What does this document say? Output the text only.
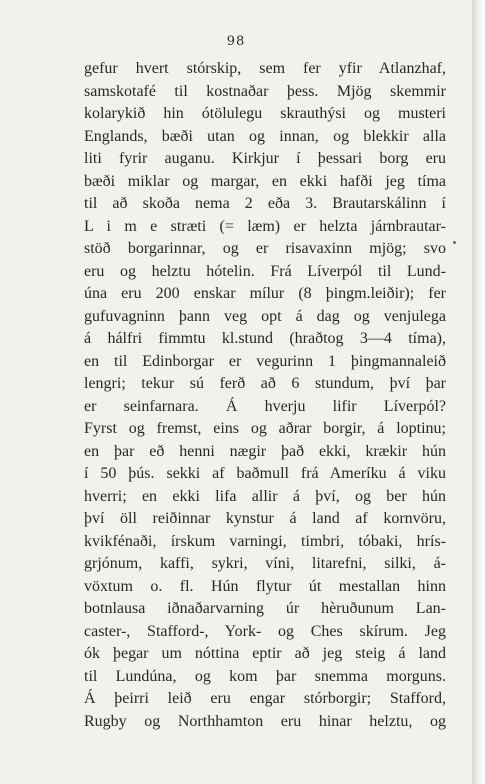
98
gefur hvert stórskip, sem fer yfir Atlanzhaf,
samskotafé til kostnaðar þess. Mjög skemmir
kolarykið hin ótölulegu skrauthýsi og musteri
Englands, bæði utan og innan, og blekkir alla
liti fyrir auganu. Kirkjur í þessari borg eru
bæði miklar og margar, en ekki hafði jeg tíma
til að skoða nema 2 eða 3. Brautarskálinn í
L i m e stræti (= læm) er helzta járnbrautar-
stöð borgarinnar, og er risavaxinn mjög; svo
eru og helztu hótelin. Frá Líverpól til Lund-
úna eru 200 enskar mílur (8 þingm.leiðir); fer
gufuvagninn þann veg opt á dag og venjulega
á hálfri fimmtu kl.stund (hraðtog 3—4 tíma),
en til Edinborgar er vegurinn 1 þingmannaleið
lengri; tekur sú ferð að 6 stundum, því þar
er seinfarnara. Á hverju lifir Líverpól?
Fyrst og fremst, eins og aðrar borgir, á loptinu;
en þar eð henni nægir það ekki, krækir hún
í 50 þús. sekki af baðmull frá Ameríku á viku
hverri; en ekki lifa allir á því, og ber hún
því öll reiðinnar kynstur á land af kornvöru,
kvikfénaði, írskum varningi, timbri, tóbaki, hrís-
grjónum, kaffi, sykri, víni, litarefni, silki, á-
vöxtum o. fl. Hún flytur út mestallan hinn
botnlausa iðnaðarvarning úr hèruðunum Lan-
caster-, Stafford-, York- og Ches skírum. Jeg
ók þegar um nóttina eptir að jeg steig á land
til Lundúna, og kom þar snemma morguns.
Á þeirri leið eru engar stórborgir; Stafford,
Rugby og Northhamton eru hinar helztu, og
